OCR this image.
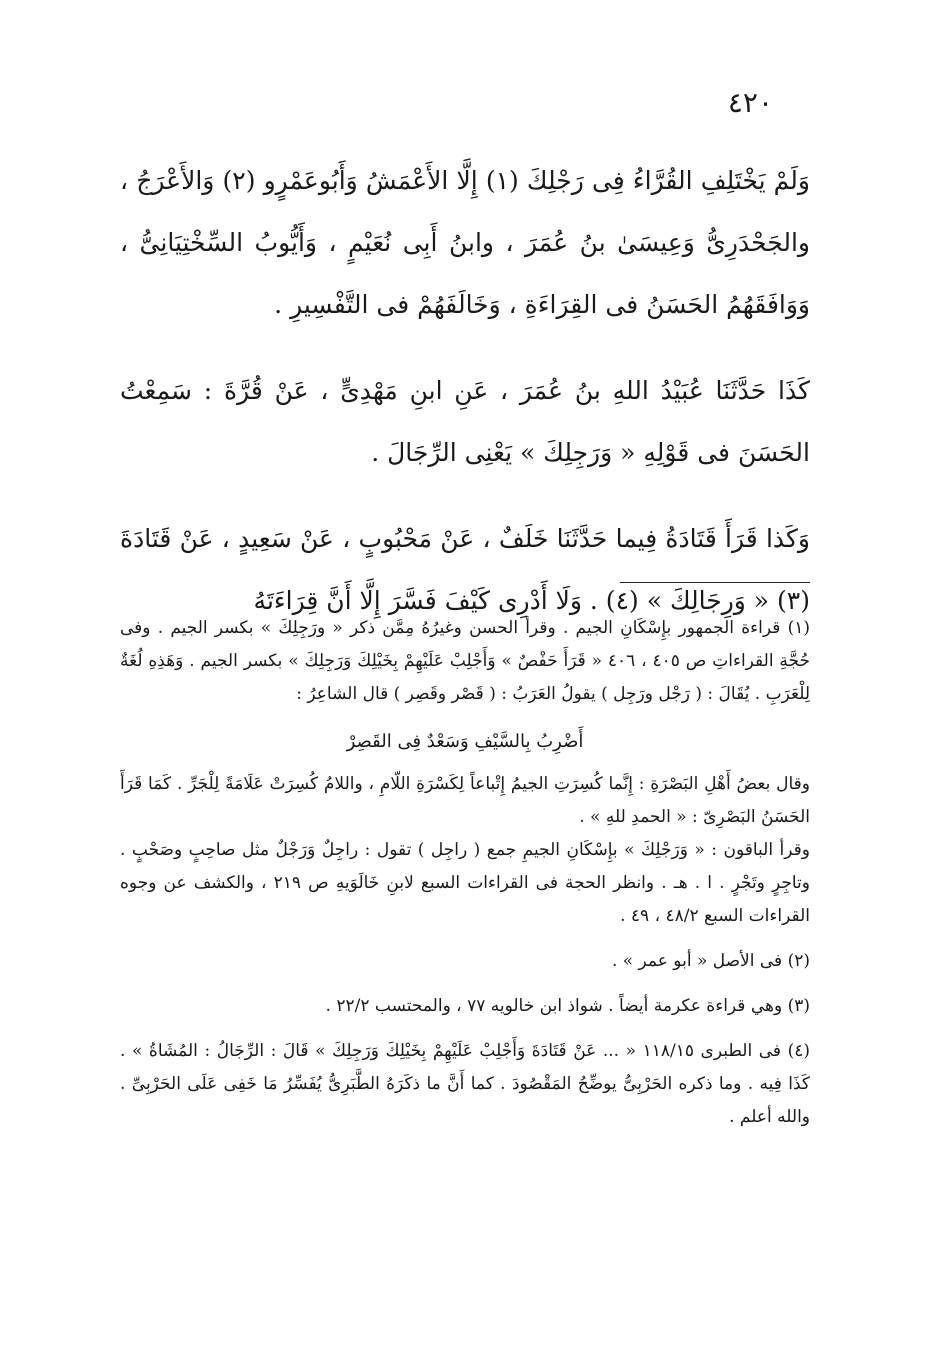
٤٢٠

وَلَمْ يَخْتَلِفِ القُرَّاءُ فِى رَجْلِكَ (١) إِلَّا الأَعْمَشُ وَأَبُوعَمْرٍو (٢) وَالأَعْرَجُ ، والجَحْدَرِىُّ وَعِيسَىٰ بنُ عُمَرَ ، وابنُ أَبِى نُعَيْمٍ ، وَأَيُّوبُ السِّخْتِيَانِىُّ ، وَوَافَقَهُمُ الحَسَنُ فى القِرَاءَةِ ، وَخَالَفَهُمْ فى التَّفْسِيرِ .

كَذَا حَدَّثَنَا عُبَيْدُ اللهِ بنُ عُمَرَ ، عَنِ ابنِ مَهْدِىٍّ ، عَنْ قُرَّةَ : سَمِعْتُ الحَسَنَ فى قَوْلِهِ « وَرَجِلِكَ » يَعْنِى الرِّجَالَ .

وَكَذا قَرَأَ قَتَادَةُ فِيما حَدَّثَنَا خَلَفٌ ، عَنْ مَحْبُوبٍ ، عَنْ سَعِيدٍ ، عَنْ قَتَادَةَ (٣) « وَرِجَالِكَ » (٤) . وَلَا أَدْرِى كَيْفَ فَسَّرَ إِلَّا أَنَّ قِرَاءَتَهُ

(١) قراءة الجمهور بإِسْكَانِ الجيم . وقرأ الحسن وغيرُهُ مِمَّن ذكر « ورَجِلِكَ » بكسر الجيم . وفى حُجَّةِ القراءاتِ ص ٤٠٥ ، ٤٠٦ « قَرَأَ حَفْصٌ » وَأَجْلِبْ عَلَيْهِمْ بِخَيْلِكَ وَرَجِلِكَ » بكسر الجيم . وَهَذِهِ لُغَةٌ لِلْعَرَبِ . يُقَالَ : ( رَجْل ورَجِل ) يقولُ العَرَبُ : ( قَصْر وقَصِر ) قال الشاعِرُ :

أَضْرِبُ بِالسَّيْفِ وَسَعْدٌ فِى القَصِرْ

وقال بعضُ أَهْلِ البَصْرَةِ : إِنَّما كُسِرَتِ الجيمُ إِتْباعاً لِكَسْرَةِ اللّامِ ، واللامُ كُسِرَتْ عَلَامَةً لِلْجَرِّ . كَمَا قَرَأَ الحَسَنُ البَصْرِىّ : « الحمدِ للهِ » .

وقرأ الباقون : « وَرَجْلِكَ » بإِسْكَانِ الجيمِ جمع ( راجِل ) تقول : راجِلٌ وَرَجْلٌ مثل صاحِبٍ وصَحْبٍ . وتاجِرٍ وتَجْرٍ . ا . هـ . وانظر الحجة فى القراءات السبع لابنِ خَالَوَيهِ ص ٢١٩ ، والكشف عن وجوه القراءات السبع ٤٨/٢ ، ٤٩ .

(٢) فى الأصل « أبو عمر » .

(٣) وهي قراءة عكرمة أيضاً . شواذ ابن خالويه ٧٧ ، والمحتسب ٢٢/٢ .

(٤) فى الطبرى ١١٨/١٥ « ... عَنْ قَتَادَةَ وَأَجْلِبْ عَلَيْهِمْ بِخَيْلِكَ وَرَجِلِكَ » قَالَ : الرِّجَالُ : المُشَاةُ » . كَذَا فِيه . وما ذكره الحَرْبِىُّ يوضِّحُ المَقْصُودَ . كما أَنَّ ما ذكَرَهُ الطَّبَرِىُّ يُفَسِّرُ مَا خَفِى عَلَى الحَرْبِىِّ . والله أعلم .
